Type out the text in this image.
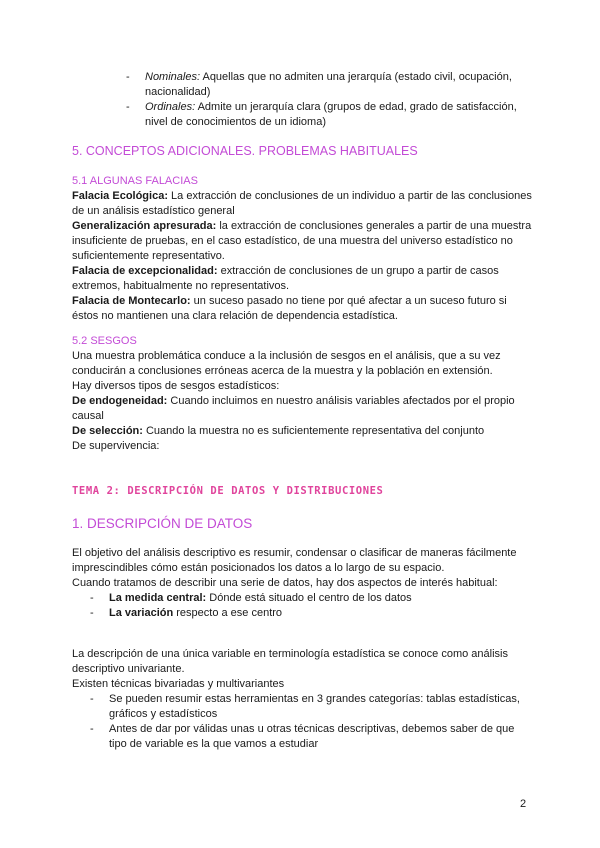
- Nominales: Aquellas que no admiten una jerarquía (estado civil, ocupación, nacionalidad)
- Ordinales: Admite un jerarquía clara (grupos de edad, grado de satisfacción, nivel de conocimientos de un idioma)
5. CONCEPTOS ADICIONALES. PROBLEMAS HABITUALES

5.1 ALGUNAS FALACIAS

Falacia Ecológica: La extracción de conclusiones de un individuo a partir de las conclusiones de un análisis estadístico general

Generalización apresurada: la extracción de conclusiones generales a partir de una muestra insuficiente de pruebas, en el caso estadístico, de una muestra del universo estadístico no suficientemente representativo.

Falacia de excepcionalidad: extracción de conclusiones de un grupo a partir de casos extremos, habitualmente no representativos.

Falacia de Montecarlo: un suceso pasado no tiene por qué afectar a un suceso futuro si éstos no mantienen una clara relación de dependencia estadística.

5.2 SESGOS

Una muestra problemática conduce a la inclusión de sesgos en el análisis, que a su vez conducirán a conclusiones erróneas acerca de la muestra y la población en extensión.

Hay diversos tipos de sesgos estadísticos:

De endogeneidad: Cuando incluimos en nuestro análisis variables afectados por el propio causal

De selección: Cuando la muestra no es suficientemente representativa del conjunto

De supervivencia:

TEMA 2: DESCRIPCIÓN DE DATOS Y DISTRIBUCIONES
1. DESCRIPCIÓN DE DATOS

El objetivo del análisis descriptivo es resumir, condensar o clasificar de maneras fácilmente imprescindibles cómo están posicionados los datos a lo largo de su espacio.

Cuando tratamos de describir una serie de datos, hay dos aspectos de interés habitual:

- La medida central: Dónde está situado el centro de los datos
- La variación respecto a ese centro

La descripción de una única variable en terminología estadística se conoce como análisis descriptivo univariante.

Existen técnicas bivariadas y multivariantes

- Se pueden resumir estas herramientas en 3 grandes categorías: tablas estadísticas, gráficos y estadísticos
- Antes de dar por válidas unas u otras técnicas descriptivas, debemos saber de que tipo de variable es la que vamos a estudiar
2
